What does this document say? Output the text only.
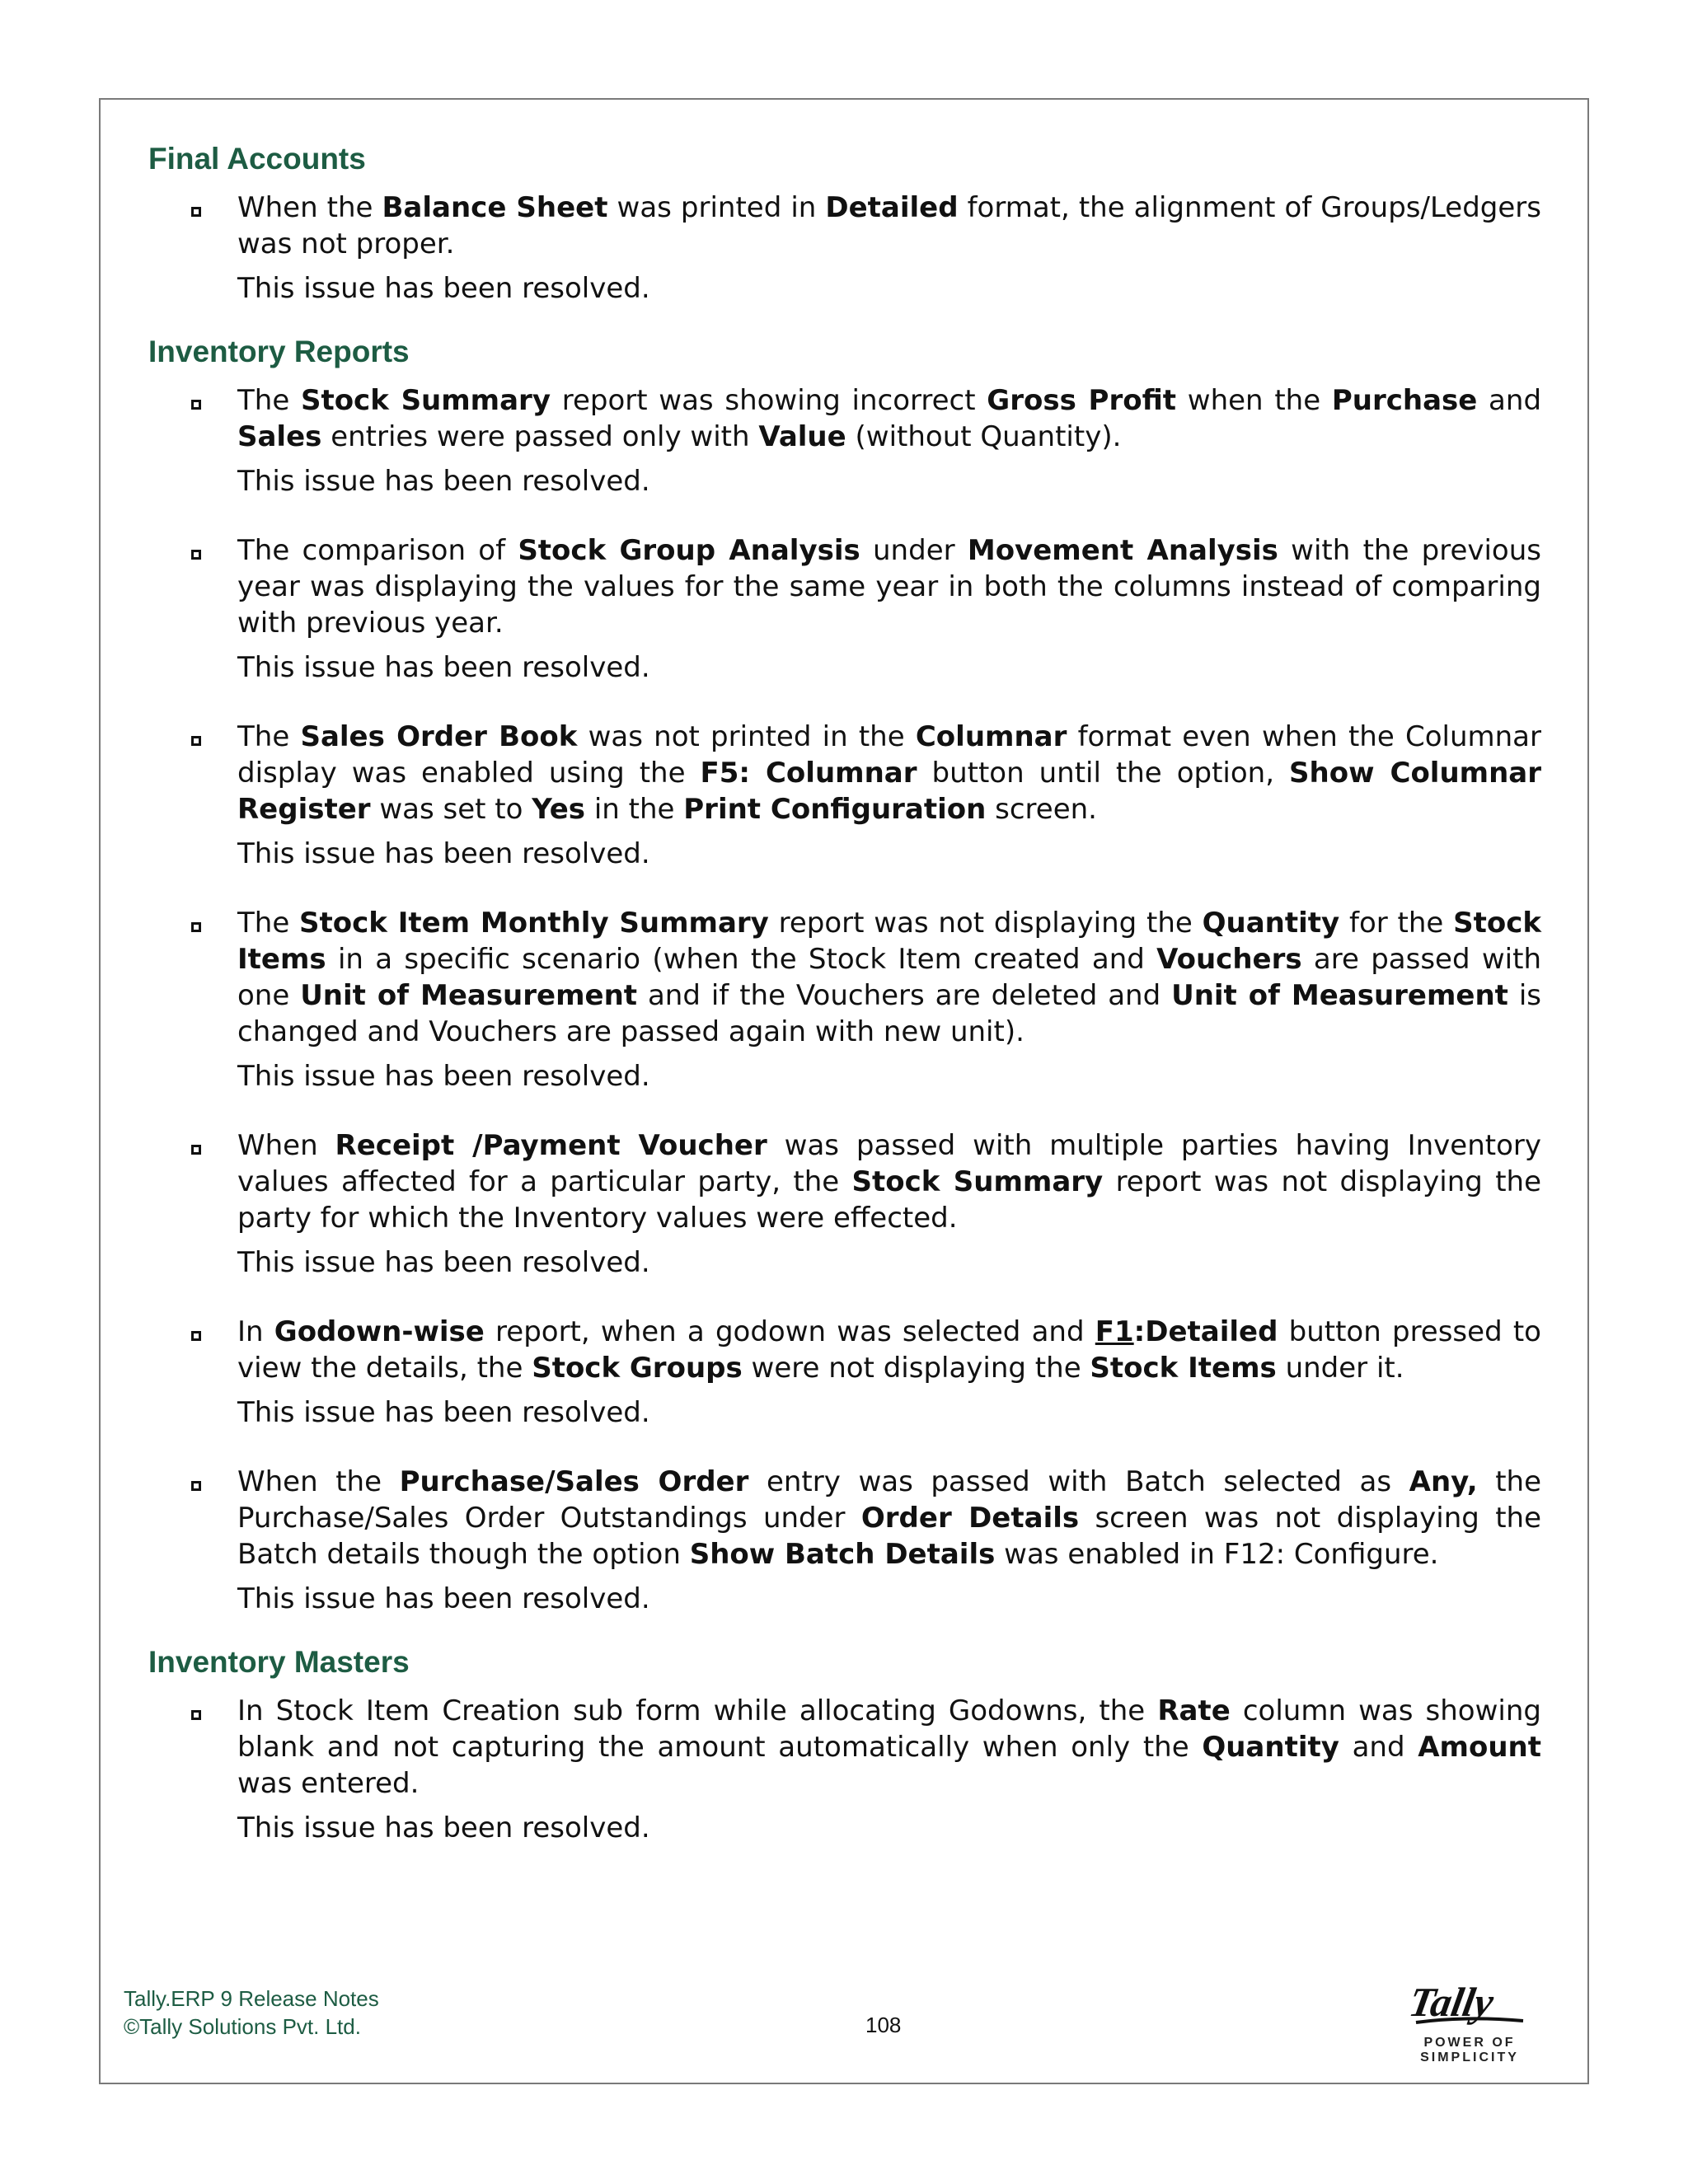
Final Accounts

When the Balance Sheet was printed in Detailed format, the alignment of Groups/Ledgers was not proper.

This issue has been resolved.

Inventory Reports

The Stock Summary report was showing incorrect Gross Profit when the Purchase and Sales entries were passed only with Value (without Quantity).

This issue has been resolved.

The comparison of Stock Group Analysis under Movement Analysis with the previous year was displaying the values for the same year in both the columns instead of comparing with previous year.

This issue has been resolved.

The Sales Order Book was not printed in the Columnar format even when the Columnar display was enabled using the F5: Columnar button until the option, Show Columnar Register was set to Yes in the Print Configuration screen.

This issue has been resolved.

The Stock Item Monthly Summary report was not displaying the Quantity for the Stock Items in a specific scenario (when the Stock Item created and Vouchers are passed with one Unit of Measurement and if the Vouchers are deleted and Unit of Measurement is changed and Vouchers are passed again with new unit).

This issue has been resolved.

When Receipt /Payment Voucher was passed with multiple parties having Inventory values affected for a particular party, the Stock Summary report was not displaying the party for which the Inventory values were effected.

This issue has been resolved.

In Godown-wise report, when a godown was selected and F1:Detailed button pressed to view the details, the Stock Groups were not displaying the Stock Items under it.

This issue has been resolved.

When the Purchase/Sales Order entry was passed with Batch selected as Any, the Purchase/Sales Order Outstandings under Order Details screen was not displaying the Batch details though the option Show Batch Details was enabled in F12: Configure.

This issue has been resolved.

Inventory Masters

In Stock Item Creation sub form while allocating Godowns, the Rate column was showing blank and not capturing the amount automatically when only the Quantity and Amount was entered.

This issue has been resolved.

Tally.ERP 9 Release Notes
©Tally Solutions Pvt. Ltd.	108
Tally
POWER OF SIMPLICITY
